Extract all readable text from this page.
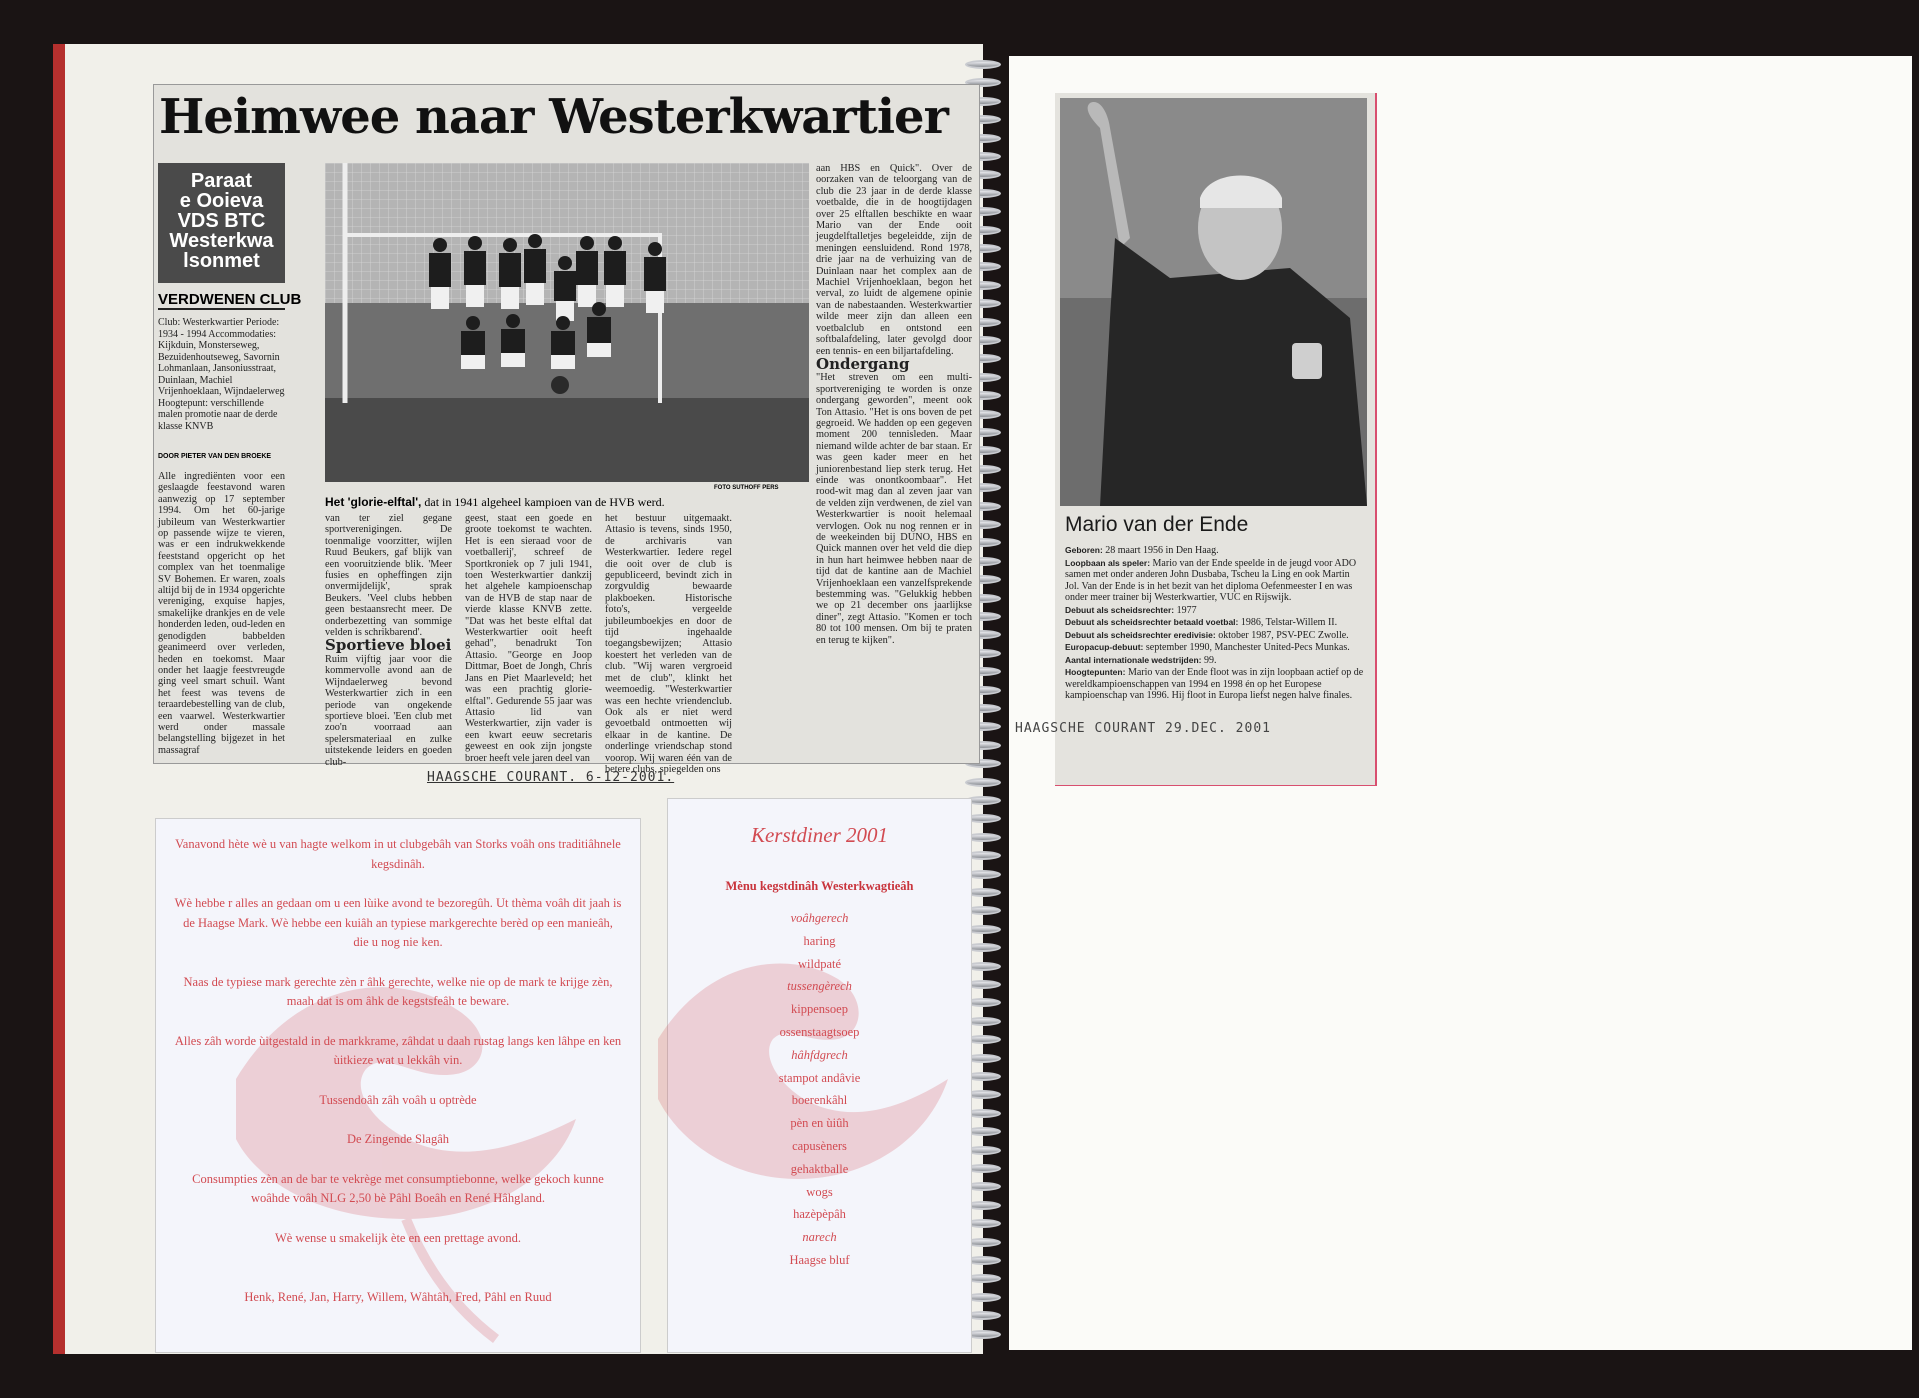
Heimwee naar Westerkwartier
Paraat
e Ooieva
VDS BTC
Westerkwa
lsonmet
VERDWENEN CLUB
Club: Westerkwartier Periode: 1934 - 1994 Accommodaties: Kijkduin, Monsterseweg, Bezuidenhoutseweg, Savornin Lohmanlaan, Jansoniusstraat, Duinlaan, Machiel Vrijenhoeklaan, Wijndaelerweg Hoogtepunt: verschillende malen promotie naar de derde klasse KNVB
DOOR PIETER VAN DEN BROEKE
Alle ingrediënten voor een geslaagde feestavond waren aanwezig op 17 september 1994. Om het 60-jarige jubileum van Westerkwartier op passende wijze te vieren, was er een indrukwekkende feeststand opgericht op het complex van het toenmalige SV Bohemen. Er waren, zoals altijd bij de in 1934 opgerichte vereniging, exquise hapjes, smakelijke drankjes en de vele honderden leden, oud-leden en genodigden babbelden geanimeerd over verleden, heden en toekomst. Maar onder het laagje feestvreugde ging veel smart schuil. Want het feest was tevens de teraardebestelling van de club, een vaarwel. Westerkwartier werd onder massale belangstelling bijgezet in het massagraf
FOTO SUTHOFF PERS
Het 'glorie-elftal', dat in 1941 algeheel kampioen van de HVB werd.
van ter ziel gegane sportverenigingen. De toenmalige voorzitter, wijlen Ruud Beukers, gaf blijk van een vooruitziende blik. 'Meer fusies en opheffingen zijn onvermijdelijk', sprak Beukers. 'Veel clubs hebben geen bestaansrecht meer. De onderbezetting van sommige velden is schrikbarend'.
Sportieve bloei
Ruim vijftig jaar voor die kommervolle avond aan de Wijndaelerweg bevond Westerkwartier zich in een periode van ongekende sportieve bloei. 'Een club met zoo'n voorraad aan spelersmateriaal en zulke uitstekende leiders en goeden club-
geest, staat een goede en groote toekomst te wachten. Het is een sieraad voor de voetballerij', schreef de Sportkroniek op 7 juli 1941, toen Westerkwartier dankzij het algehele kampioenschap van de HVB de stap naar de vierde klasse KNVB zette. "Dat was het beste elftal dat Westerkwartier ooit heeft gehad", benadrukt Ton Attasio. "George en Joop Dittmar, Boet de Jongh, Chris Jans en Piet Maarleveld; het was een prachtig glorie-elftal". Gedurende 55 jaar was Attasio lid van Westerkwartier, zijn vader is een kwart eeuw secretaris geweest en ook zijn jongste broer heeft vele jaren deel van
het bestuur uitgemaakt. Attasio is tevens, sinds 1950, de archivaris van Westerkwartier. Iedere regel die ooit over de club is gepubliceerd, bevindt zich in zorgvuldig bewaarde plakboeken. Historische foto's, vergeelde jubileumboekjes en door de tijd ingehaalde toegangsbewijzen; Attasio koestert het verleden van de club. "Wij waren vergroeid met de club", klinkt het weemoedig. "Westerkwartier was een hechte vriendenclub. Ook als er niet werd gevoetbald ontmoetten wij elkaar in de kantine. De onderlinge vriendschap stond voorop. Wij waren één van de betere clubs, spiegelden ons
aan HBS en Quick". Over de oorzaken van de teloorgang van de club die 23 jaar in de derde klasse voetbalde, die in de hoogtijdagen over 25 elftallen beschikte en waar Mario van der Ende ooit jeugdelftalletjes begeleidde, zijn de meningen eensluidend. Rond 1978, drie jaar na de verhuizing van de Duinlaan naar het complex aan de Machiel Vrijenhoeklaan, begon het verval, zo luidt de algemene opinie van de nabestaanden. Westerkwartier wilde meer zijn dan alleen een voetbalclub en ontstond een softbalafdeling, later gevolgd door een tennis- en een biljartafdeling.
Ondergang
"Het streven om een multi-sportvereniging te worden is onze ondergang geworden", meent ook Ton Attasio. "Het is ons boven de pet gegroeid. We hadden op een gegeven moment 200 tennisleden. Maar niemand wilde achter de bar staan. Er was geen kader meer en het juniorenbestand liep sterk terug. Het einde was onontkoombaar". Het rood-wit mag dan al zeven jaar van de velden zijn verdwenen, de ziel van Westerkwartier is nooit helemaal vervlogen. Ook nu nog rennen er in de weekeinden bij DUNO, HBS en Quick mannen over het veld die diep in hun hart heimwee hebben naar de tijd dat de kantine aan de Machiel Vrijenhoeklaan een vanzelfsprekende bestemming was. "Gelukkig hebben we op 21 december ons jaarlijkse diner", zegt Attasio. "Komen er toch 80 tot 100 mensen. Om bij te praten en terug te kijken".
HAAGSCHE COURANT. 6-12-2001.

Vanavond hète wè u van hagte welkom in ut clubgebâh van Storks voâh ons traditiâhnele kegsdinâh.

Wè hebbe r alles an gedaan om u een lùike avond te bezoregûh. Ut thèma voâh dit jaah is de Haagse Mark. Wè hebbe een kuiâh an typiese markgerechte berèd op een manieâh, die u nog nie ken.

Naas de typiese mark gerechte zèn r âhk gerechte, welke nie op de mark te krijge zèn, maah dat is om âhk de kegstsfeâh te beware.

Alles zâh worde ùitgestald in de markkrame, zâhdat u daah rustag langs ken lâhpe en ken ùitkieze wat u lekkâh vin.

Tussendoâh zâh voâh u optrède

De Zingende Slagâh

Consumpties zèn an de bar te vekrège met consumptiebonne, welke gekoch kunne woâhde voâh NLG 2,50 bè Pâhl Boeâh en René Hâhgland.

Wè wense u smakelijk ète en een prettage avond.

Henk, René, Jan, Harry, Willem, Wâhtâh, Fred, Pâhl en Ruud

Kerstdiner 2001
Mènu kegstdinâh Westerkwagtieâh
voâhgerech
haring
wildpaté
tussengèrech
kippensoep
ossenstaagtsoep
hâhfdgrech
stampot andâvie
boerenkâhl
pèn en ùiûh
capusèners
gehaktballe
wogs
hazèpèpâh
narech
Haagse bluf
Mario van der Ende
Geboren: 28 maart 1956 in Den Haag.
Loopbaan als speler: Mario van der Ende speelde in de jeugd voor ADO samen met onder anderen John Dusbaba, Tscheu la Ling en ook Martin Jol. Van der Ende is in het bezit van het diploma Oefenmeester I en was onder meer trainer bij Westerkwartier, VUC en Rijswijk.
Debuut als scheidsrechter: 1977
Debuut als scheidsrechter betaald voetbal: 1986, Telstar-Willem II.
Debuut als scheidsrechter eredivisie: oktober 1987, PSV-PEC Zwolle.
Europacup-debuut: september 1990, Manchester United-Pecs Munkas.
Aantal internationale wedstrijden: 99.
Hoogtepunten: Mario van der Ende floot was in zijn loopbaan actief op de wereldkampioenschappen van 1994 en 1998 én op het Europese kampioenschap van 1996. Hij floot in Europa liefst negen halve finales.
HAAGSCHE COURANT 29.DEC. 2001
